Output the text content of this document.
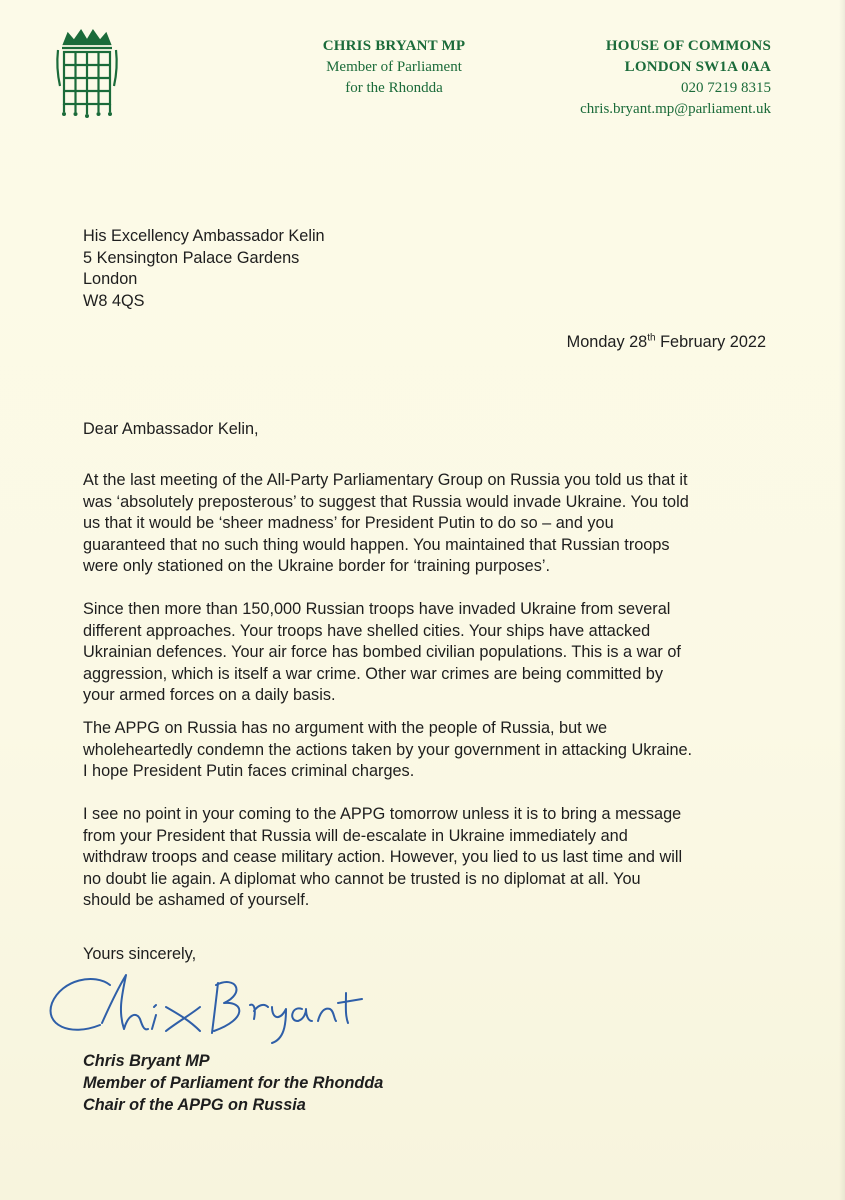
CHRIS BRYANT MP
Member of Parliament
for the Rhondda
HOUSE OF COMMONS
LONDON SW1A 0AA
020 7219 8315
chris.bryant.mp@parliament.uk
His Excellency Ambassador Kelin
5 Kensington Palace Gardens
London
W8 4QS
Monday 28th February 2022
Dear Ambassador Kelin,
At the last meeting of the All-Party Parliamentary Group on Russia you told us that it
was ‘absolutely preposterous’ to suggest that Russia would invade Ukraine. You told
us that it would be ‘sheer madness’ for President Putin to do so – and you
guaranteed that no such thing would happen. You maintained that Russian troops
were only stationed on the Ukraine border for ‘training purposes’.
Since then more than 150,000 Russian troops have invaded Ukraine from several
different approaches. Your troops have shelled cities. Your ships have attacked
Ukrainian defences. Your air force has bombed civilian populations. This is a war of
aggression, which is itself a war crime. Other war crimes are being committed by
your armed forces on a daily basis.
The APPG on Russia has no argument with the people of Russia, but we
wholeheartedly condemn the actions taken by your government in attacking Ukraine.
I hope President Putin faces criminal charges.
I see no point in your coming to the APPG tomorrow unless it is to bring a message
from your President that Russia will de-escalate in Ukraine immediately and
withdraw troops and cease military action. However, you lied to us last time and will
no doubt lie again. A diplomat who cannot be trusted is no diplomat at all. You
should be ashamed of yourself.
Yours sincerely,
Chris Bryant MP
Member of Parliament for the Rhondda
Chair of the APPG on Russia
